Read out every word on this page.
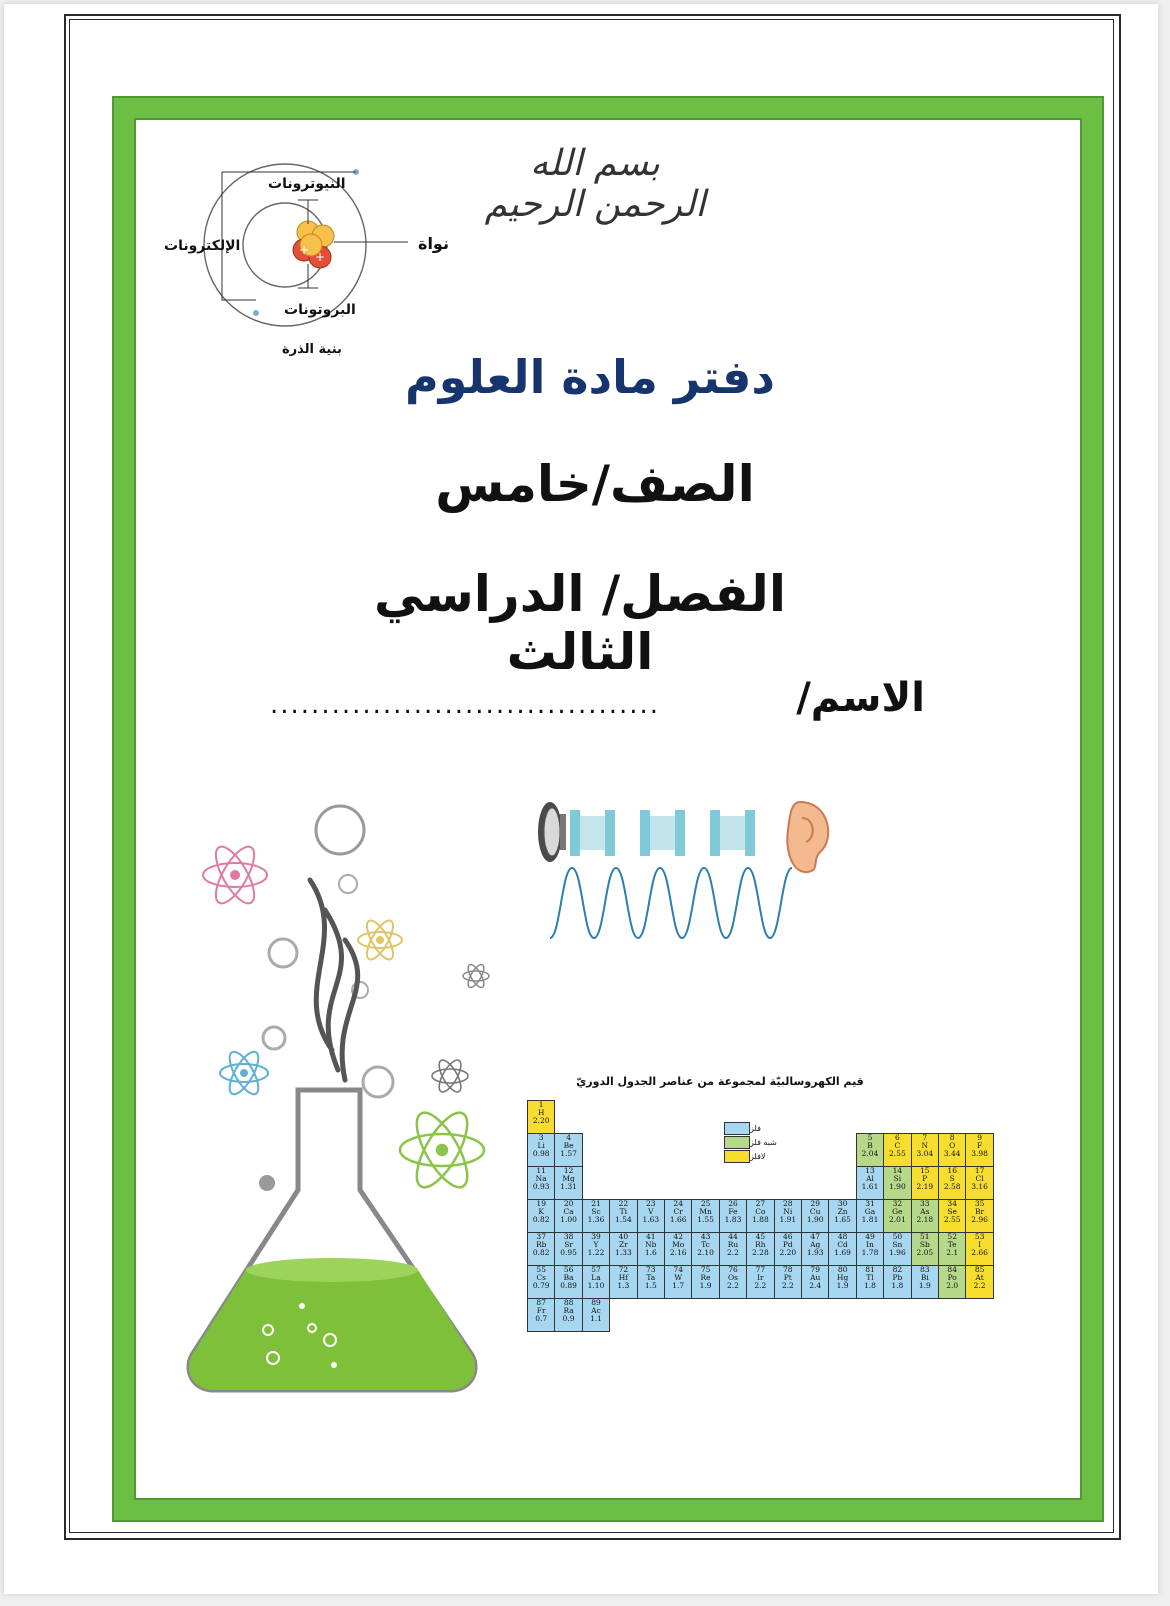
بسم الله الرحمن الرحيم
+ +
النيوترونات
الإلكترونات	نواة
البروتونات
بنية الذرة
دفتر مادة العلوم
الصف/خامس
الفصل/ الدراسي الثالث
الاسم/
......................................
قيم الكهروسالبيّة لمجموعة من عناصر الجدول الدوريّ
فلز
شبه فلز
لافلز
1
H
2.20
3
Li
0.98
4
Be
1.57
5
B
2.04
6
C
2.55
7
N
3.04
8
O
3.44
9
F
3.98
11
Na
0.93
12
Mg
1.31
13
Al
1.61
14
Si
1.90
15
P
2.19
16
S
2.58
17
Cl
3.16
19
K
0.82
20
Ca
1.00
21
Sc
1.36
22
Ti
1.54
23
V
1.63
24
Cr
1.66
25
Mn
1.55
26
Fe
1.83
27
Co
1.88
28
Ni
1.91
29
Cu
1.90
30
Zn
1.65
31
Ga
1.81
32
Ge
2.01
33
As
2.18
34
Se
2.55
35
Br
2.96
37
Rb
0.82
38
Sr
0.95
39
Y
1.22
40
Zr
1.33
41
Nb
1.6
42
Mo
2.16
43
Tc
2.10
44
Ru
2.2
45
Rh
2.28
46
Pd
2.20
47
Ag
1.93
48
Cd
1.69
49
In
1.78
50
Sn
1.96
51
Sb
2.05
52
Te
2.1
53
I
2.66
55
Cs
0.79
56
Ba
0.89
57
La
1.10
72
Hf
1.3
73
Ta
1.5
74
W
1.7
75
Re
1.9
76
Os
2.2
77
Ir
2.2
78
Pt
2.2
79
Au
2.4
80
Hg
1.9
81
Tl
1.8
82
Pb
1.8
83
Bi
1.9
84
Po
2.0
85
At
2.2
87
Fr
0.7
88
Ra
0.9
89
Ac
1.1
